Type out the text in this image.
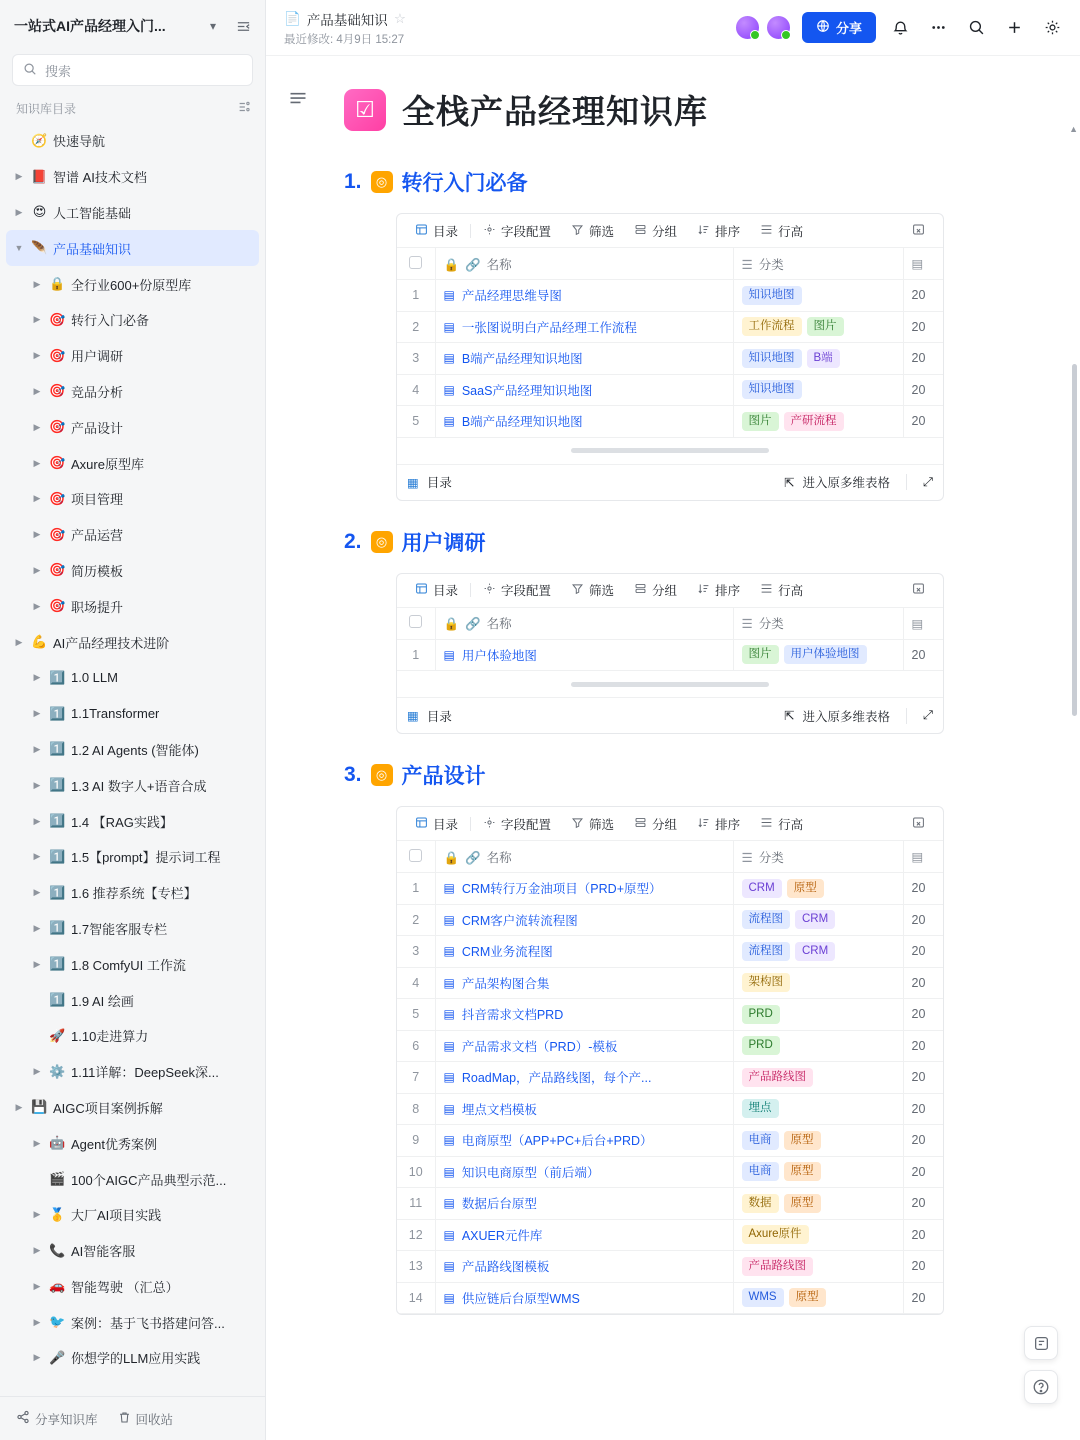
一站式AI产品经理入门...	▾
搜索
知识库目录
🧭 快速导航
▶ 📕 智谱 AI技术文档
▶ 😍 人工智能基础
▼ 🪶 产品基础知识
▶ 🔒 全行业600+份原型库
▶ 🎯 转行入门必备
▶ 🎯 用户调研
▶ 🎯 竞品分析
▶ 🎯 产品设计
▶ 🎯 Axure原型库
▶ 🎯 项目管理
▶ 🎯 产品运营
▶ 🎯 简历模板
▶ 🎯 职场提升
▶ 💪 AI产品经理技术进阶
▶ 1️⃣ 1.0 LLM
▶ 1️⃣ 1.1Transformer
▶ 1️⃣ 1.2 AI Agents (智能体)
▶ 1️⃣ 1.3 AI 数字人+语音合成
▶ 1️⃣ 1.4 【RAG实践】
▶ 1️⃣ 1.5【prompt】提示词工程
▶ 1️⃣ 1.6 推荐系统【专栏】
▶ 1️⃣ 1.7智能客服专栏
▶ 1️⃣ 1.8 ComfyUI 工作流
1️⃣ 1.9 AI 绘画
🚀 1.10走进算力
▶ ⚙️ 1.11详解：DeepSeek深...
▶ 💾 AIGC项目案例拆解
▶ 🤖 Agent优秀案例
🎬 100个AIGC产品典型示范...
▶ 🥇 大厂AI项目实践
▶ 📞 AI智能客服
▶ 🚗 智能驾驶 （汇总）
▶ 🐦 案例：基于飞书搭建问答...
▶ 🎤 你想学的LLM应用实践
分享知识库	回收站
📄 产品基础知识 ☆
最近修改: 4月9日 15:27
分享
☑ 全栈产品经理知识库
1.	◎ 转行入门必备
目录	字段配置	筛选	分组	排序	行高
	🔒 🔗 名称	☰ 分类	▤
1	▤ 产品经理思维导图	知识地图	20
2	▤ 一张图说明白产品经理工作流程	工作流程 图片	20
3	▤ B端产品经理知识地图	知识地图 B端	20
4	▤ SaaS产品经理知识地图	知识地图	20
5	▤ B端产品经理知识地图	图片 产研流程	20
▦ 目录	⇱ 进入原多维表格	⤢
2.	◎ 用户调研
目录	字段配置	筛选	分组	排序	行高
	🔒 🔗 名称	☰ 分类	▤
1	▤ 用户体验地图	图片 用户体验地图	20
▦ 目录	⇱ 进入原多维表格	⤢
3.	◎ 产品设计
目录	字段配置	筛选	分组	排序	行高
	🔒 🔗 名称	☰ 分类	▤
1	▤ CRM转行万金油项目（PRD+原型）	CRM 原型	20
2	▤ CRM客户流转流程图	流程图 CRM	20
3	▤ CRM业务流程图	流程图 CRM	20
4	▤ 产品架构图合集	架构图	20
5	▤ 抖音需求文档PRD	PRD	20
6	▤ 产品需求文档（PRD）-模板	PRD	20
7	▤ RoadMap，产品路线图，每个产...	产品路线图	20
8	▤ 埋点文档模板	埋点	20
9	▤ 电商原型（APP+PC+后台+PRD）	电商 原型	20
10	▤ 知识电商原型（前后端）	电商 原型	20
11	▤ 数据后台原型	数据 原型	20
12	▤ AXUER元件库	Axure原件	20
13	▤ 产品路线图模板	产品路线图	20
14	▤ 供应链后台原型WMS	WMS 原型	20
▲
